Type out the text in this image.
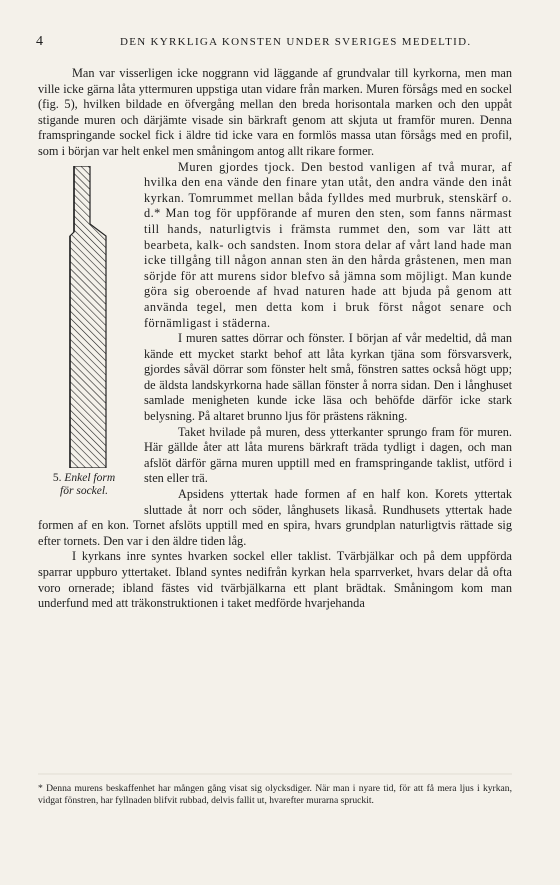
4	DEN KYRKLIGA KONSTEN UNDER SVERIGES MEDELTID.

Man var visserligen icke noggrann vid läggande af grundvalar till kyrkorna, men man ville icke gärna låta yttermuren uppstiga utan vidare från marken. Muren försågs med en sockel (fig. 5), hvilken bildade en öfvergång mellan den breda horisontala marken och den uppåt stigande muren och därjämte visade sin bärkraft genom att skjuta ut framför muren. Denna framspringande sockel fick i äldre tid icke vara en formlös massa utan försågs med en profil, som i början var helt enkel men småningom antog allt rikare former.

5. Enkel form
för sockel.

Muren gjordes tjock. Den bestod vanligen af två murar, af hvilka den ena vände den finare ytan utåt, den andra vände den inåt kyrkan. Tomrummet mellan båda fylldes med murbruk, stenskärf o. d.* Man tog för uppförande af muren den sten, som fanns närmast till hands, naturligtvis i främsta rummet den, som var lätt att bearbeta, kalk- och sandsten. Inom stora delar af vårt land hade man icke tillgång till någon annan sten än den hårda gråstenen, men man sörjde för att murens sidor blefvo så jämna som möjligt. Man kunde göra sig oberoende af hvad naturen hade att bjuda på genom att använda tegel, men detta kom i bruk först något senare och förnämligast i städerna.

I muren sattes dörrar och fönster. I början af vår medeltid, då man kände ett mycket starkt behof att låta kyrkan tjäna som försvarsverk, gjordes såväl dörrar som fönster helt små, fönstren sattes också högt upp; de äldsta landskyrkorna hade sällan fönster å norra sidan. Den i långhuset samlade menigheten kunde icke läsa och behöfde därför icke stark belysning. På altaret brunno ljus för prästens räkning.

Taket hvilade på muren, dess ytterkanter sprungo fram för muren. Här gällde åter att låta murens bärkraft träda tydligt i dagen, och man afslöt därför gärna muren upptill med en framspringande taklist, utförd i sten eller trä.

Apsidens yttertak hade formen af en half kon. Korets yttertak sluttade åt norr och söder, långhusets likaså. Rundhusets yttertak hade formen af en kon. Tornet afslöts upptill med en spira, hvars grundplan naturligtvis rättade sig efter tornets. Den var i den äldre tiden låg.

I kyrkans inre syntes hvarken sockel eller taklist. Tvärbjälkar och på dem uppförda sparrar uppburo yttertaket. Ibland syntes nedifrån kyrkan hela sparrverket, hvars delar då ofta voro ornerade; ibland fästes vid tvärbjälkarna ett plant brädtak. Småningom kom man underfund med att träkonstruktionen i taket medförde hvarjehanda

* Denna murens beskaffenhet har mången gång visat sig olycksdiger. När man i nyare tid, för att få mera ljus i kyrkan, vidgat fönstren, har fyllnaden blifvit rubbad, delvis fallit ut, hvarefter murarna spruckit.
